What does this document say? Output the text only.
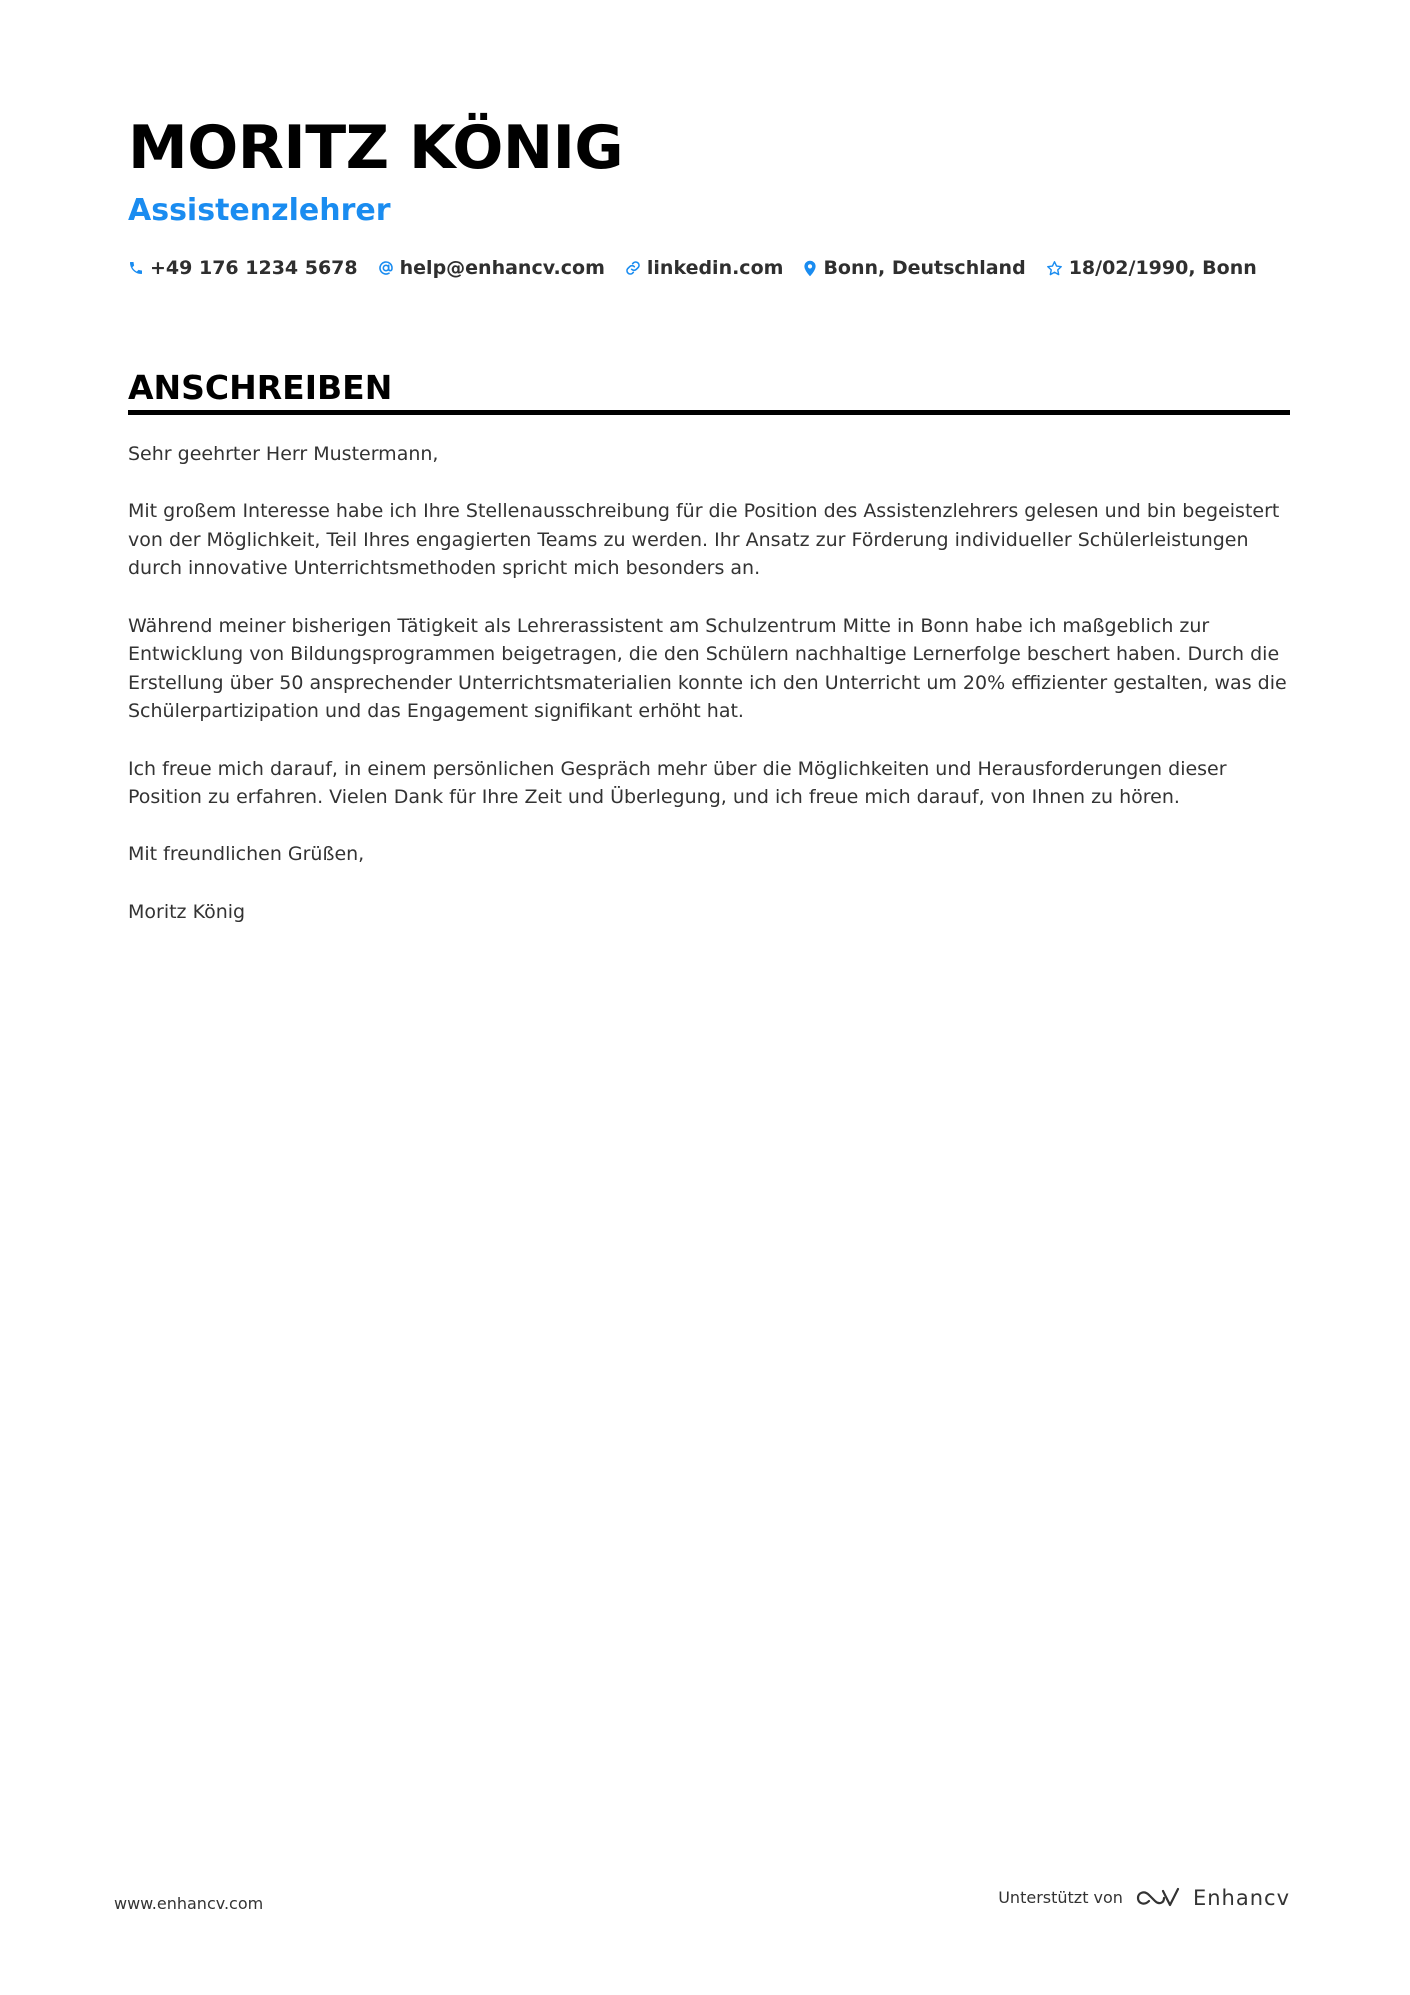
MORITZ KÖNIG
Assistenzlehrer
+49 176 1234 5678 help@enhancv.com linkedin.com Bonn, Deutschland 18/02/1990, Bonn
ANSCHREIBEN

Sehr geehrter Herr Mustermann,

Mit großem Interesse habe ich Ihre Stellenausschreibung für die Position des Assistenzlehrers gelesen und bin begeistert von der Möglichkeit, Teil Ihres engagierten Teams zu werden. Ihr Ansatz zur Förderung individueller Schülerleistungen durch innovative Unterrichtsmethoden spricht mich besonders an.

Während meiner bisherigen Tätigkeit als Lehrerassistent am Schulzentrum Mitte in Bonn habe ich maßgeblich zur Entwicklung von Bildungsprogrammen beigetragen, die den Schülern nachhaltige Lernerfolge beschert haben. Durch die Erstellung über 50 ansprechender Unterrichtsmaterialien konnte ich den Unterricht um 20% effizienter gestalten, was die Schülerpartizipation und das Engagement signifikant erhöht hat.

Ich freue mich darauf, in einem persönlichen Gespräch mehr über die Möglichkeiten und Herausforderungen dieser Position zu erfahren. Vielen Dank für Ihre Zeit und Überlegung, und ich freue mich darauf, von Ihnen zu hören.

Mit freundlichen Grüßen,

Moritz König

www.enhancv.com	Unterstützt von	Enhancv
